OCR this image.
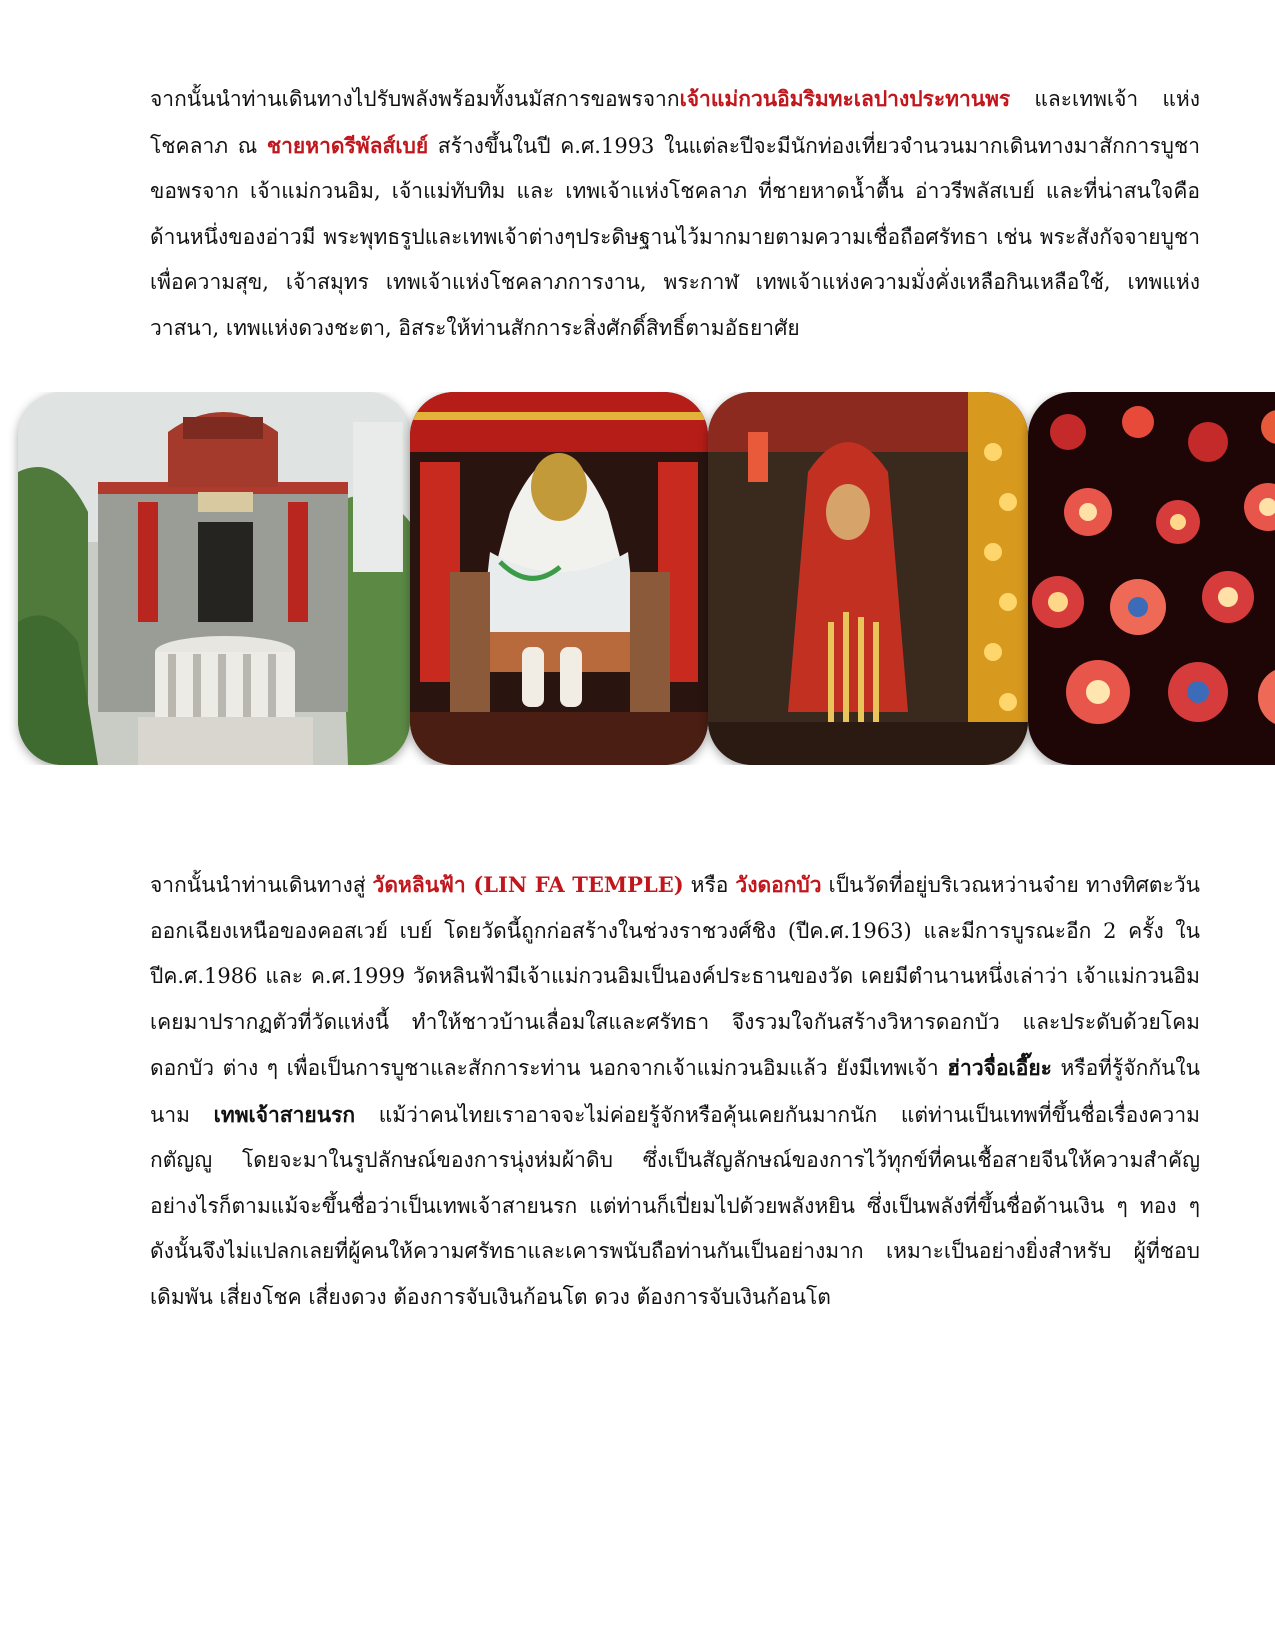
จากนั้นนำท่านเดินทางไปรับพลังพร้อมทั้งนมัสการขอพรจากเจ้าแม่กวนอิมริมทะเลปางประทานพร และเทพเจ้า แห่งโชคลาภ ณ ชายหาดรีพัลส์เบย์ สร้างขึ้นในปี ค.ศ.1993 ในแต่ละปีจะมีนักท่องเที่ยวจำนวนมากเดินทางมาสักการบูชาขอพรจาก เจ้าแม่กวนอิม, เจ้าแม่ทับทิม และ เทพเจ้าแห่งโชคลาภ ที่ชายหาดน้ำตื้น อ่าวรีพลัสเบย์ และที่น่าสนใจคือด้านหนึ่งของอ่าวมี พระพุทธรูปและเทพเจ้าต่างๆประดิษฐานไว้มากมายตามความเชื่อถือศรัทธา เช่น พระสังกัจจายบูชาเพื่อความสุข, เจ้าสมุทร เทพเจ้าแห่งโชคลาภการงาน, พระกาฬ เทพเจ้าแห่งความมั่งคั่งเหลือกินเหลือใช้, เทพแห่งวาสนา, เทพแห่งดวงชะตา, อิสระให้ท่านสักการะสิ่งศักดิ์สิทธิ์ตามอัธยาศัย

จากนั้นนำท่านเดินทางสู่ วัดหลินฟ้า (LIN FA TEMPLE) หรือ วังดอกบัว เป็นวัดที่อยู่บริเวณหว่านจ๋าย ทางทิศตะวันออกเฉียงเหนือของคอสเวย์ เบย์ โดยวัดนี้ถูกก่อสร้างในช่วงราชวงศ์ชิง (ปีค.ศ.1963) และมีการบูรณะอีก 2 ครั้ง ในปีค.ศ.1986 และ ค.ศ.1999 วัดหลินฟ้ามีเจ้าแม่กวนอิมเป็นองค์ประธานของวัด เคยมีตำนานหนึ่งเล่าว่า เจ้าแม่กวนอิมเคยมาปรากฏตัวที่วัดแห่งนี้ ทำให้ชาวบ้านเลื่อมใสและศรัทธา จึงรวมใจกันสร้างวิหารดอกบัว และประดับด้วยโคมดอกบัว ต่าง ๆ เพื่อเป็นการบูชาและสักการะท่าน นอกจากเจ้าแม่กวนอิมแล้ว ยังมีเทพเจ้า ฮ่าวจื่อเอี๊ยะ หรือที่รู้จักกันในนาม เทพเจ้าสายนรก แม้ว่าคนไทยเราอาจจะไม่ค่อยรู้จักหรือคุ้นเคยกันมากนัก แต่ท่านเป็นเทพที่ขึ้นชื่อเรื่องความกตัญญู โดยจะมาในรูปลักษณ์ของการนุ่งห่มผ้าดิบ ซึ่งเป็นสัญลักษณ์ของการไว้ทุกข์ที่คนเชื้อสายจีนให้ความสำคัญ อย่างไรก็ตามแม้จะขึ้นชื่อว่าเป็นเทพเจ้าสายนรก แต่ท่านก็เปี่ยมไปด้วยพลังหยิน ซึ่งเป็นพลังที่ขึ้นชื่อด้านเงิน ๆ ทอง ๆ ดังนั้นจึงไม่แปลกเลยที่ผู้คนให้ความศรัทธาและเคารพนับถือท่านกันเป็นอย่างมาก เหมาะเป็นอย่างยิ่งสำหรับ ผู้ที่ชอบเดิมพัน เสี่ยงโชค เสี่ยงดวง ต้องการจับเงินก้อนโต ดวง ต้องการจับเงินก้อนโต
